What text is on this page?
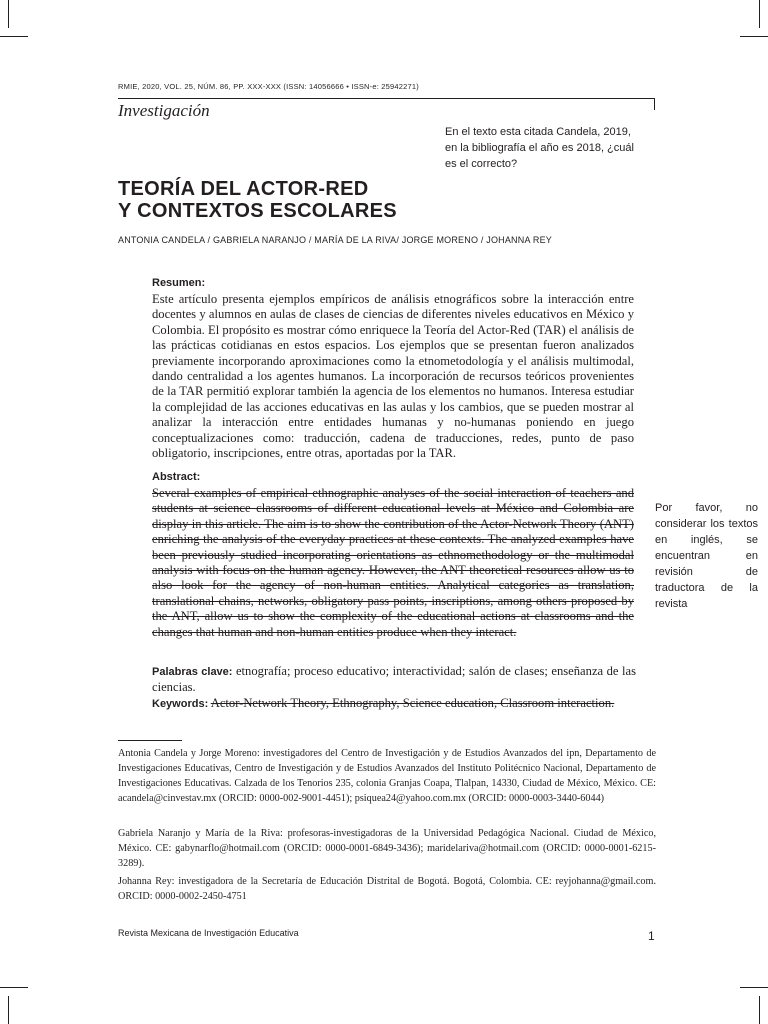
RMIE, 2020, VOL. 25, NÚM. 86, PP. XXX-XXX (ISSN: 14056666 • ISSN-e: 25942271)
Investigación
En el texto esta citada Candela, 2019, en la bibliografía el año es 2018, ¿cuál es el correcto?
TEORÍA DEL ACTOR-RED
Y CONTEXTOS ESCOLARES
ANTONIA CANDELA / GABRIELA NARANJO / MARÍA DE LA RIVA/ JORGE MORENO / JOHANNA REY
Resumen:
Este artículo presenta ejemplos empíricos de análisis etnográficos sobre la interacción entre docentes y alumnos en aulas de clases de ciencias de diferentes niveles educativos en México y Colombia. El propósito es mostrar cómo enriquece la Teoría del Actor-Red (TAR) el análisis de las prácticas cotidianas en estos espacios. Los ejemplos que se presentan fueron analizados previamente incorporando aproximaciones como la etnometodología y el análisis multimodal, dando centralidad a los agentes humanos. La incorporación de recursos teóricos provenientes de la TAR permitió explorar también la agencia de los elementos no humanos. Interesa estudiar la complejidad de las acciones educativas en las aulas y los cambios, que se pueden mostrar al analizar la interacción entre entidades humanas y no-humanas poniendo en juego conceptualizaciones como: traducción, cadena de traducciones, redes, punto de paso obligatorio, inscripciones, entre otras, aportadas por la TAR.
Abstract:
Several examples of empirical ethnographic analyses of the social interaction of teachers and students at science classrooms of different educational levels at México and Colombia are display in this article. The aim is to show the contribution of the Actor-Network Theory (ANT) enriching the analysis of the everyday practices at these contexts. The analyzed examples have been previously studied incorporating orientations as ethnomethodology or the multimodal analysis with focus on the human agency. However, the ANT theoretical resources allow us to also look for the agency of non-human entities. Analytical categories as translation, translational chains, networks, obligatory pass points, inscriptions, among others proposed by the ANT, allow us to show the complexity of the educational actions at classrooms and the changes that human and non-human entities produce when they interact.
Por favor, no considerar los textos en inglés, se encuentran en revisión de traductora de la revista
Palabras clave: etnografía; proceso educativo; interactividad; salón de clases; enseñanza de las ciencias.
Keywords: Actor-Network Theory, Ethnography, Science education, Classroom interaction.
Antonia Candela y Jorge Moreno: investigadores del Centro de Investigación y de Estudios Avanzados del ipn, Departamento de Investigaciones Educativas, Centro de Investigación y de Estudios Avanzados del Instituto Politécnico Nacional, Departamento de Investigaciones Educativas. Calzada de los Tenorios 235, colonia Granjas Coapa, Tlalpan, 14330, Ciudad de México, México. CE: acandela@cinvestav.mx (ORCID: 0000-002-9001-4451); psiquea24@yahoo.com.mx (ORCID: 0000-0003-3440-6044)
Gabriela Naranjo y María de la Riva: profesoras-investigadoras de la Universidad Pedagógica Nacional. Ciudad de México, México. CE: gabynarflo@hotmail.com (ORCID: 0000-0001-6849-3436); maridelariva@hotmail.com (ORCID: 0000-0001-6215-3289).
Johanna Rey: investigadora de la Secretaría de Educación Distrital de Bogotá. Bogotá, Colombia. CE: reyjohanna@gmail.com. ORCID: 0000-0002-2450-4751
Revista Mexicana de Investigación Educativa	1
